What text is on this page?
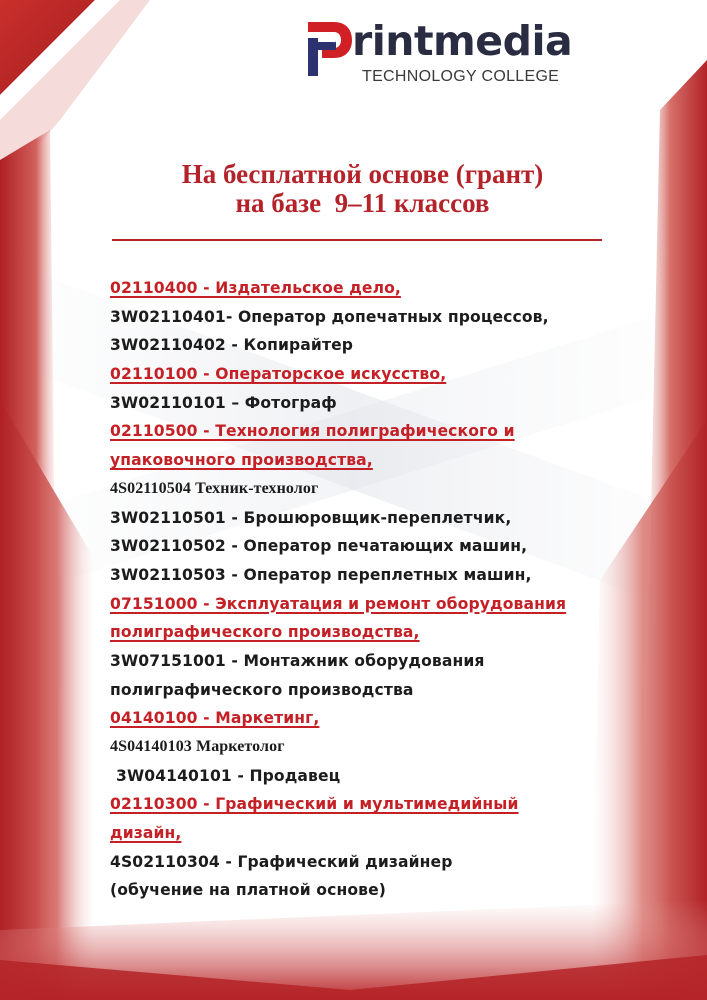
rintmedia
TECHNOLOGY COLLEGE
На бесплатной основе (грант)
на базе  9–11 классов
02110400 - Издательское дело,
3W02110401- Оператор допечатных процессов,
3W02110402 - Копирайтер
02110100 - Операторское искусство,
3W02110101 – Фотограф
02110500 - Технология полиграфического и
упаковочного производства,
4S02110504 Техник-технолог
3W02110501 - Брошюровщик-переплетчик,
3W02110502 - Оператор печатающих машин,
3W02110503 - Оператор переплетных машин,
07151000 - Эксплуатация и ремонт оборудования
полиграфического производства,
3W07151001 - Монтажник оборудования
полиграфического производства
04140100 - Маркетинг,
4S04140103 Маркетолог
3W04140101 - Продавец
02110300 - Графический и мультимедийный
дизайн,
4S02110304 - Графический дизайнер
(обучение на платной основе)
